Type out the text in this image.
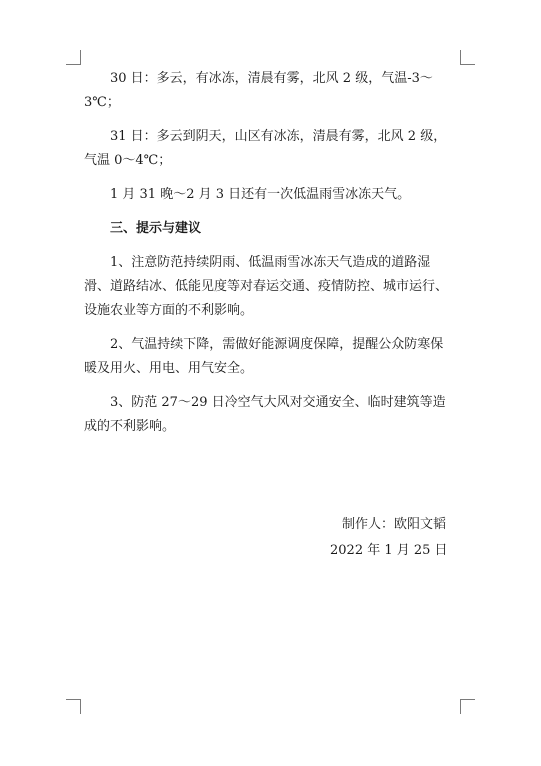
30 日：多云，有冰冻，清晨有雾，北风 2 级，气温-3～3℃；

31 日：多云到阴天，山区有冰冻，清晨有雾，北风 2 级，气温 0～4℃；

1 月 31 晚～2 月 3 日还有一次低温雨雪冰冻天气。

三、提示与建议

1、注意防范持续阴雨、低温雨雪冰冻天气造成的道路湿滑、道路结冰、低能见度等对春运交通、疫情防控、城市运行、设施农业等方面的不利影响。

2、气温持续下降，需做好能源调度保障，提醒公众防寒保暖及用火、用电、用气安全。

3、防范 27～29 日冷空气大风对交通安全、临时建筑等造成的不利影响。

制作人：欧阳文韬

2022 年 1 月 25 日
